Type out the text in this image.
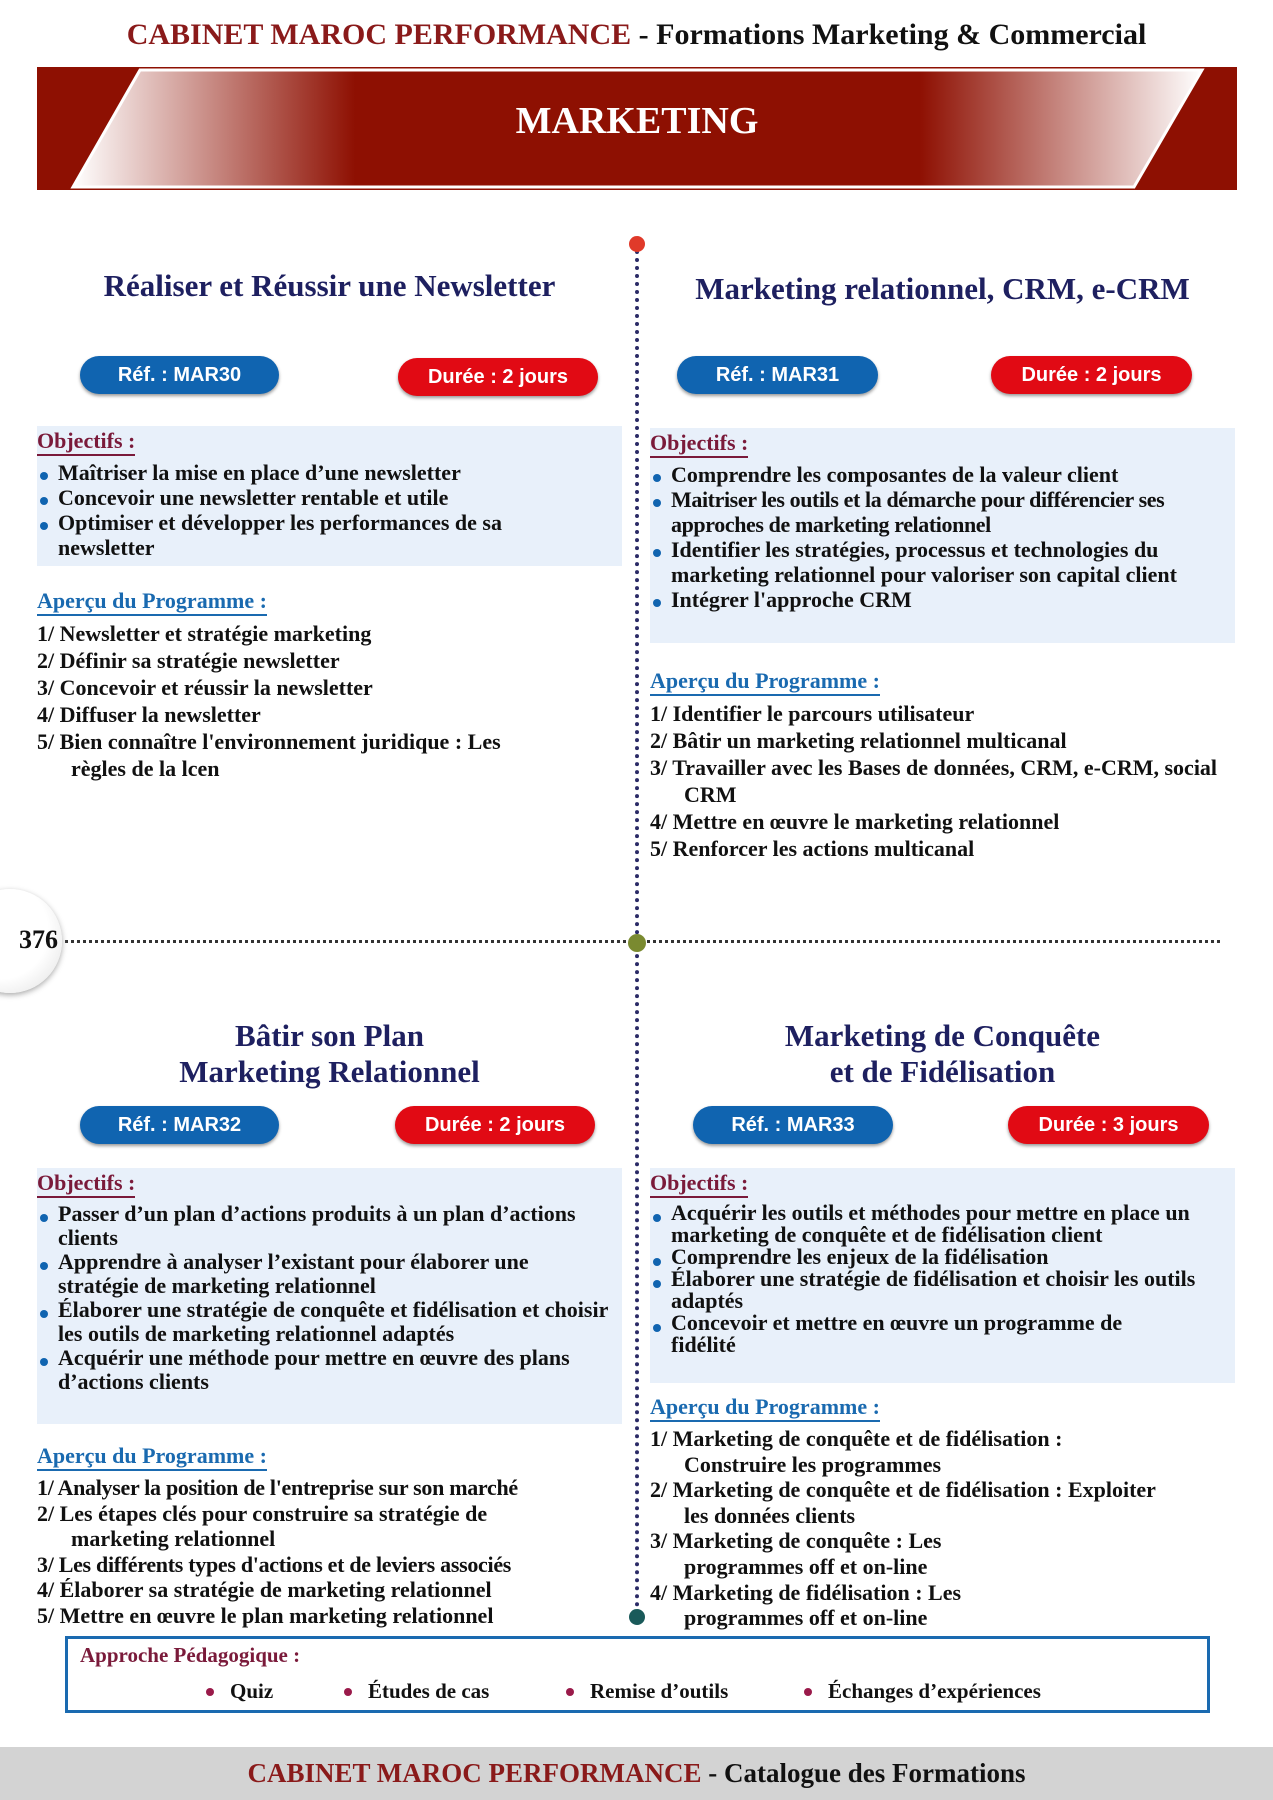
CABINET MAROC PERFORMANCE - Formations Marketing & Commercial
MARKETING
376
Réaliser et Réussir une Newsletter
Réf. : MAR30	Durée : 2 jours
Objectifs :
Maîtriser la mise en place d’une newsletter
Concevoir une newsletter rentable et utile
Optimiser et développer les performances de sa newsletter
Aperçu du Programme :
1/ Newsletter et stratégie marketing
2/ Définir sa stratégie newsletter
3/ Concevoir et réussir la newsletter
4/ Diffuser la newsletter
5/ Bien connaître l'environnement juridique : Les règles de la lcen
Marketing relationnel, CRM, e-CRM
Réf. : MAR31	Durée : 2 jours
Objectifs :
Comprendre les composantes de la valeur client
Maitriser les outils et la démarche pour différencier ses approches de marketing relationnel
Identifier les stratégies, processus et technologies du marketing relationnel pour valoriser son capital client
Intégrer l'approche CRM
Aperçu du Programme :
1/ Identifier le parcours utilisateur
2/ Bâtir un marketing relationnel multicanal
3/ Travailler avec les Bases de données, CRM, e-CRM, social CRM
4/ Mettre en œuvre le marketing relationnel
5/ Renforcer les actions multicanal
Bâtir son Plan
Marketing Relationnel
Réf. : MAR32	Durée : 2 jours
Objectifs :
Passer d’un plan d’actions produits à un plan d’actions clients
Apprendre à analyser l’existant pour élaborer une stratégie de marketing relationnel
Élaborer une stratégie de conquête et fidélisation et choisir les outils de marketing relationnel adaptés
Acquérir une méthode pour mettre en œuvre des plans d’actions clients
Aperçu du Programme :
1/ Analyser la position de l'entreprise sur son marché
2/ Les étapes clés pour construire sa stratégie de marketing relationnel
3/ Les différents types d'actions et de leviers associés
4/ Élaborer sa stratégie de marketing relationnel
5/ Mettre en œuvre le plan marketing relationnel
Marketing de Conquête
et de Fidélisation
Réf. : MAR33	Durée : 3 jours
Objectifs :
Acquérir les outils et méthodes pour mettre en place un marketing de conquête et de fidélisation client
Comprendre les enjeux de la fidélisation
Élaborer une stratégie de fidélisation et choisir les outils adaptés
Concevoir et mettre en œuvre un programme de fidélité
Aperçu du Programme :
1/ Marketing de conquête et de fidélisation : Construire les programmes
2/ Marketing de conquête et de fidélisation : Exploiter les données clients
3/ Marketing de conquête : Les programmes off et on-line
4/ Marketing de fidélisation : Les programmes off et on-line
Approche Pédagogique :
Quiz	Études de cas	Remise d’outils	Échanges d’expériences
CABINET MAROC PERFORMANCE - Catalogue des Formations
